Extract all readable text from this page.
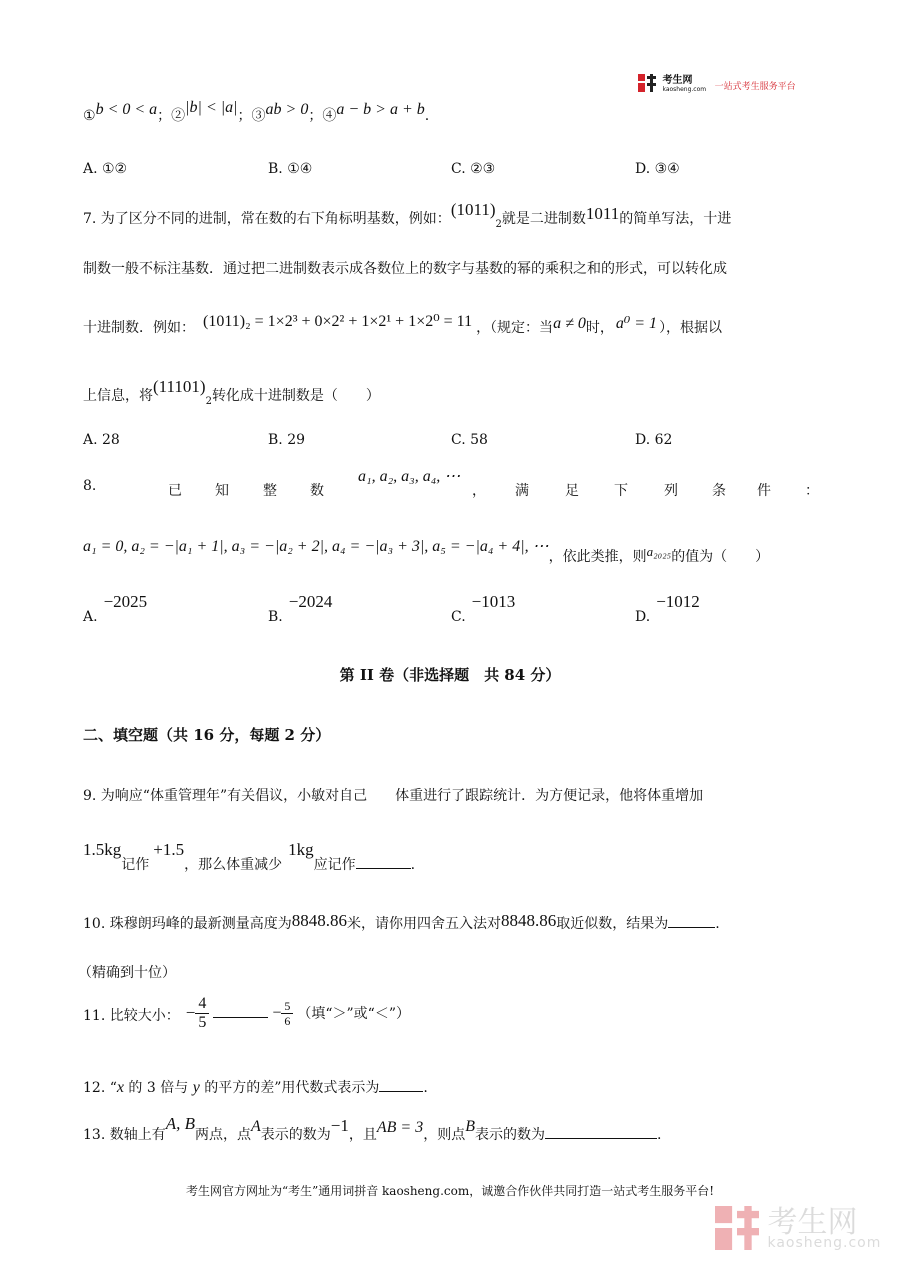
考生网
kaosheng.com 一站式考生服务平台
①b < 0 < a；②|b| < |a|；③ab > 0；④a − b > a + b.
A. ①②	B. ①④	C. ②③	D. ③④
7. 为了区分不同的进制，常在数的右下角标明基数，例如：$(1011)_2$就是二进制数1011的简单写法，十进
制数一般不标注基数．通过把二进制数表示成各数位上的数字与基数的幂的乘积之和的形式，可以转化成
十进制数．例如： (1011)₂ = 1×2³ + 0×2² + 1×2¹ + 1×2⁰ = 11 ，（规定：当a ≠ 0时， a⁰ = 1 ），根据以
上信息，将$(11101)_2$转化成十进制数是（　　）
A. 28	B. 29	C. 58	D. 62
8.	已 知 整 数
a₁, a₂, a₃, a₄, ⋯
， 满	足	下	列 条 件 ：
a₁ = 0, a₂ = −|a₁ + 1|, a₃ = −|a₂ + 2|, a₄ = −|a₃ + 3|, a₅ = −|a₄ + 4|, ⋯，依此类推，则a₂₀₂₅的值为（　　）
A.−2025
B.−2024
C.−1013
D.−1012
第 II 卷（非选择题　共 84 分）
二、填空题（共 16 分，每题 2 分）
9. 为响应“体重管理年”有关倡议，小敏对自己　　体重进行了跟踪统计．为方便记录，他将体重增加
1.5kg记作+1.5，那么体重减少1kg应记作	.
10. 珠穆朗玛峰的最新测量高度为8848.86米，请你用四舍五入法对8848.86取近似数，结果为	.
（精确到十位）
11. 比较大小： − $\frac{4}{5}$	− $\frac{5}{6}$ （填“＞”或“＜”）
12. “x 的 3 倍与 y 的平方的差”用代数式表示为	.
13. 数轴上有A, B两点，点A表示的数为−1，且AB = 3，则点B表示的数为	.
考生网官方网址为“考生”通用词拼音 kaosheng.com，诚邀合作伙伴共同打造一站式考生服务平台!

考生网
kaosheng.com
